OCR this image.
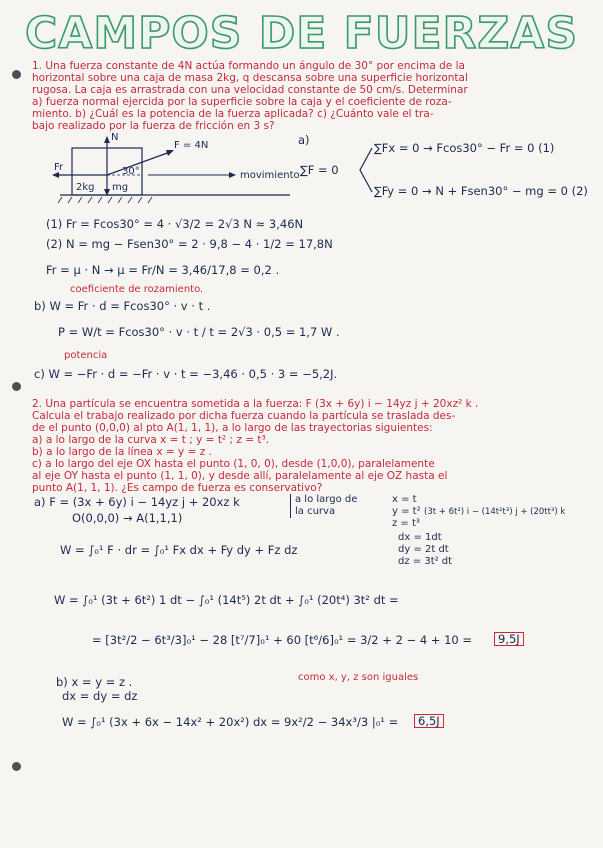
CAMPOS DE FUERZAS
1. Una fuerza constante de 4N actúa formando un ángulo de 30° por encima de la
horizontal sobre una caja de masa 2kg, q descansa sobre una superficie horizontal
rugosa. La caja es arrastrada con una velocidad constante de 50 cm/s. Determinar
a) fuerza normal ejercida por la superficie sobre la caja y el coeficiente de roza-
miento. b) ¿Cuál es la potencia de la fuerza aplicada? c) ¿Cuánto vale el tra-
bajo realizado por la fuerza de fricción en 3 s?
N
F = 4N
Fr	30°
2kg mg
movimiento
a)
∑F = 0
∑Fx = 0 → Fcos30° − Fr = 0 (1)
∑Fy = 0 → N + Fsen30° − mg = 0 (2)
(1) Fr = Fcos30° = 4 · √3/2 = 2√3 N ≈ 3,46N
(2) N = mg − Fsen30° = 2 · 9,8 − 4 · 1/2 = 17,8N
Fr = μ · N → μ = Fr/N = 3,46/17,8 = 0,2 .
coeficiente de rozamiento.
b) W = Fr · d = Fcos30° · v · t .
P = W/t = Fcos30° · v · t / t = 2√3 · 0,5 = 1,7 W .
potencia
c) W = −Fr · d = −Fr · v · t = −3,46 · 0,5 · 3 = −5,2J.
2. Una partícula se encuentra sometida a la fuerza: F (3x + 6y) i − 14yz j + 20xz² k .
Calcula el trabajo realizado por dicha fuerza cuando la partícula se traslada des-
de el punto (0,0,0) al pto A(1, 1, 1), a lo largo de las trayectorias siguientes:
a) a lo largo de la curva x = t ; y = t² ; z = t³.
b) a lo largo de la línea x = y = z .
c) a lo largo del eje OX hasta el punto (1, 0, 0), desde (1,0,0), paralelamente
al eje OY hasta el punto (1, 1, 0), y desde allí, paralelamente al eje OZ hasta el
punto A(1, 1, 1). ¿Es campo de fuerza es conservativo?
a) F = (3x + 6y) i − 14yz j + 20xz k
O(0,0,0) → A(1,1,1)
a lo largo de la curva
x = t
y = t²
z = t³
(3t + 6t²) i − (14t²t³) j + (20tt³) k
dx = 1dt
dy = 2t dt
dz = 3t² dt
W = ∫₀¹ F · dr = ∫₀¹ Fx dx + Fy dy + Fz dz
W = ∫₀¹ (3t + 6t²) 1 dt − ∫₀¹ (14t⁵) 2t dt + ∫₀¹ (20t⁴) 3t² dt =
= [3t²/2 − 6t³/3]₀¹ − 28 [t⁷/7]₀¹ + 60 [t⁶/6]₀¹ = 3/2 + 2 − 4 + 10 =	9,5J
b) x = y = z .
dx = dy = dz
como x, y, z son iguales
W = ∫₀¹ (3x + 6x − 14x² + 20x²) dx = 9x²/2 − 34x³/3 |₀¹ =	6,5J
